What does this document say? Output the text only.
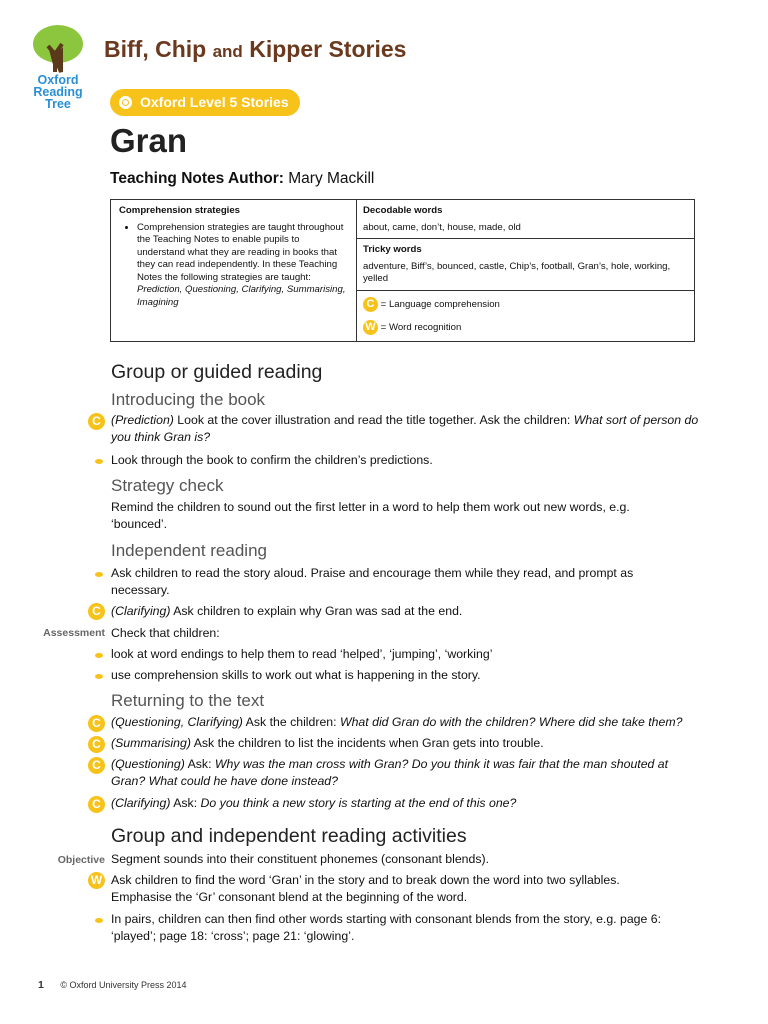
Oxford
Reading
Tree
Biff, Chip and Kipper Stories
Oxford Level 5 Stories
Gran
Teaching Notes Author: Mary Mackill
Comprehension strategies
• Comprehension strategies are taught throughout the Teaching Notes to enable pupils to understand what they are reading in books that they can read independently. In these Teaching Notes the following strategies are taught: Prediction, Questioning, Clarifying, Summarising, Imagining
Decodable words
about, came, don’t, house, made, old
Tricky words
adventure, Biff’s, bounced, castle, Chip’s, football, Gran’s, hole, working, yelled
C = Language comprehension
W = Word recognition
Group or guided reading
Introducing the book
C (Prediction) Look at the cover illustration and read the title together. Ask the children: What sort of person do you think Gran is?
Look through the book to confirm the children’s predictions.
Strategy check
Remind the children to sound out the first letter in a word to help them work out new words, e.g. ‘bounced’.
Independent reading
Ask children to read the story aloud. Praise and encourage them while they read, and prompt as necessary.
C (Clarifying) Ask children to explain why Gran was sad at the end.
Assessment Check that children:
look at word endings to help them to read ‘helped’, ‘jumping’, ‘working’
use comprehension skills to work out what is happening in the story.
Returning to the text
C (Questioning, Clarifying) Ask the children: What did Gran do with the children? Where did she take them?
C (Summarising) Ask the children to list the incidents when Gran gets into trouble.
C (Questioning) Ask: Why was the man cross with Gran? Do you think it was fair that the man shouted at Gran? What could he have done instead?
C (Clarifying) Ask: Do you think a new story is starting at the end of this one?
Group and independent reading activities
Objective Segment sounds into their constituent phonemes (consonant blends).
W Ask children to find the word ‘Gran’ in the story and to break down the word into two syllables. Emphasise the ‘Gr’ consonant blend at the beginning of the word.
In pairs, children can then find other words starting with consonant blends from the story, e.g. page 6: ‘played’; page 18: ‘cross’; page 21: ‘glowing’.
1 © Oxford University Press 2014
